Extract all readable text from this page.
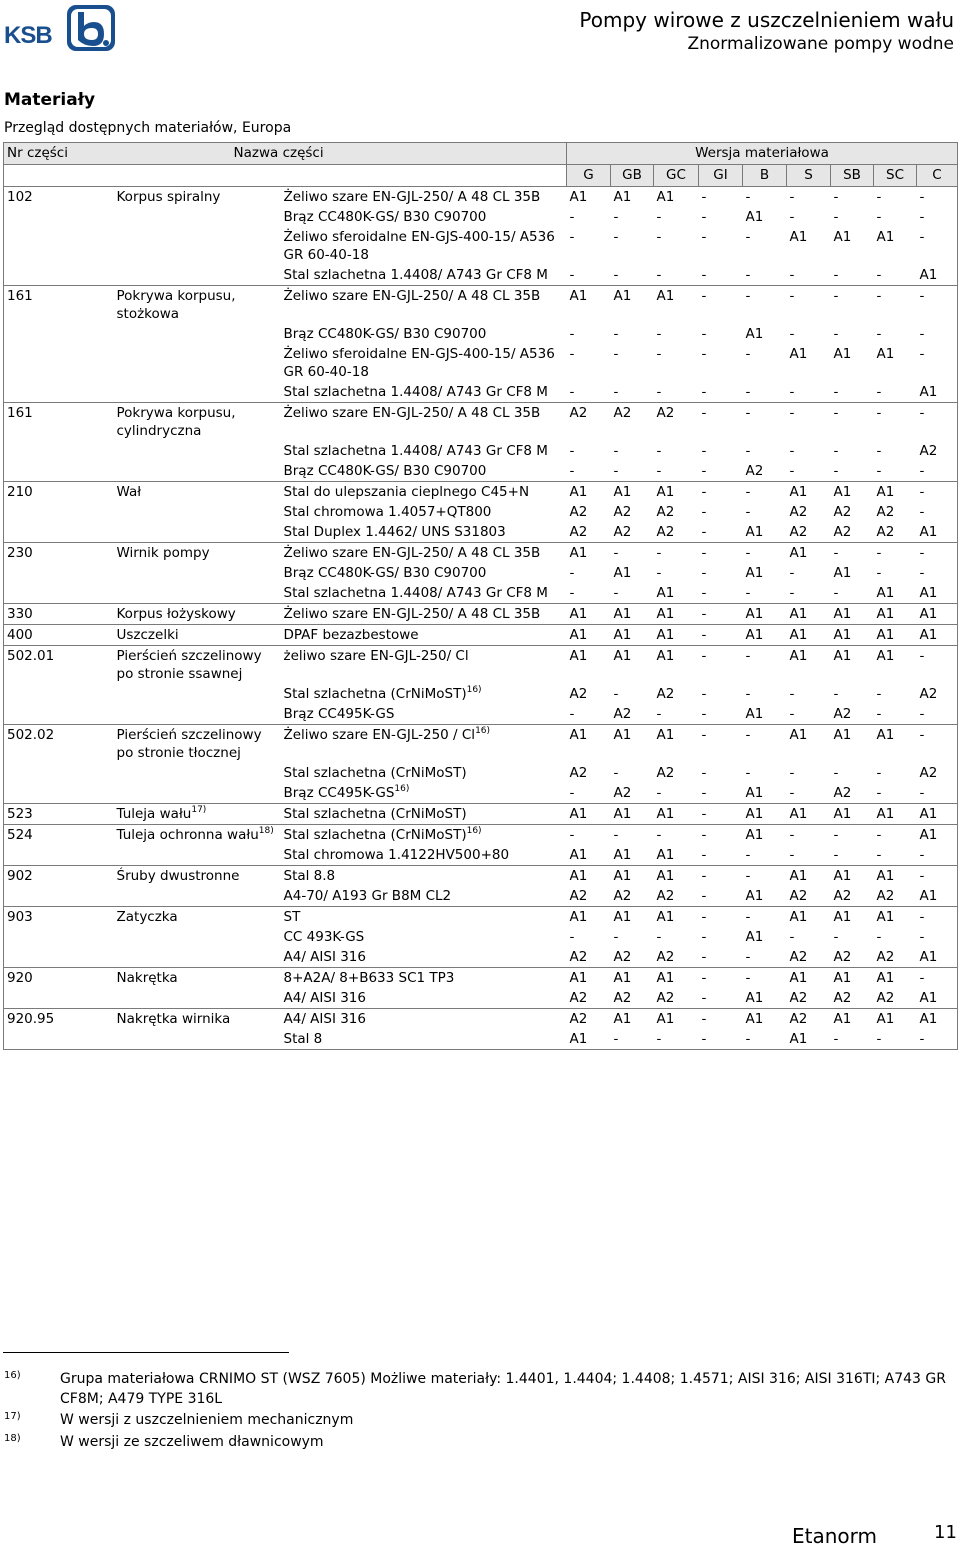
KSB
Pompy wirowe z uszczelnieniem wału
Znormalizowane pompy wodne
Materiały
Przegląd dostępnych materiałów, Europa
Nr części	Nazwa części		Wersja materiałowa								
			G	GB	GC	GI	B	S	SB	SC	C
102	Korpus spiralny	Żeliwo szare EN-GJL-250/ A 48 CL 35B	A1	A1	A1	-	-	-	-	-	-
		Brąz CC480K-GS/ B30 C90700	-	-	-	-	A1	-	-	-	-
		Żeliwo sferoidalne EN-GJS-400-15/ A536 GR 60-40-18	-	-	-	-	-	A1	A1	A1	-
		Stal szlachetna 1.4408/ A743 Gr CF8 M	-	-	-	-	-	-	-	-	A1
161	Pokrywa korpusu, stożkowa	Żeliwo szare EN-GJL-250/ A 48 CL 35B	A1	A1	A1	-	-	-	-	-	-
		Brąz CC480K-GS/ B30 C90700	-	-	-	-	A1	-	-	-	-
		Żeliwo sferoidalne EN-GJS-400-15/ A536 GR 60-40-18	-	-	-	-	-	A1	A1	A1	-
		Stal szlachetna 1.4408/ A743 Gr CF8 M	-	-	-	-	-	-	-	-	A1
161	Pokrywa korpusu, cylindryczna	Żeliwo szare EN-GJL-250/ A 48 CL 35B	A2	A2	A2	-	-	-	-	-	-
		Stal szlachetna 1.4408/ A743 Gr CF8 M	-	-	-	-	-	-	-	-	A2
		Brąz CC480K-GS/ B30 C90700	-	-	-	-	A2	-	-	-	-
210	Wał	Stal do ulepszania cieplnego C45+N	A1	A1	A1	-	-	A1	A1	A1	-
		Stal chromowa 1.4057+QT800	A2	A2	A2	-	-	A2	A2	A2	-
		Stal Duplex 1.4462/ UNS S31803	A2	A2	A2	-	A1	A2	A2	A2	A1
230	Wirnik pompy	Żeliwo szare EN-GJL-250/ A 48 CL 35B	A1	-	-	-	-	A1	-	-	-
		Brąz CC480K-GS/ B30 C90700	-	A1	-	-	A1	-	A1	-	-
		Stal szlachetna 1.4408/ A743 Gr CF8 M	-	-	A1	-	-	-	-	A1	A1
330	Korpus łożyskowy	Żeliwo szare EN-GJL-250/ A 48 CL 35B	A1	A1	A1	-	A1	A1	A1	A1	A1
400	Uszczelki	DPAF bezazbestowe	A1	A1	A1	-	A1	A1	A1	A1	A1
502.01	Pierścień szczelinowy po stronie ssawnej	żeliwo szare EN-GJL-250/ Cl	A1	A1	A1	-	-	A1	A1	A1	-
		Stal szlachetna (CrNiMoST)$^{16)}$	A2	-	A2	-	-	-	-	-	A2
		Brąz CC495K-GS	-	A2	-	-	A1	-	A2	-	-
502.02	Pierścień szczelinowy po stronie tłocznej	Żeliwo szare EN-GJL-250 / Cl$^{16)}$	A1	A1	A1	-	-	A1	A1	A1	-
		Stal szlachetna (CrNiMoST)	A2	-	A2	-	-	-	-	-	A2
		Brąz CC495K-GS$^{16)}$	-	A2	-	-	A1	-	A2	-	-
523	Tuleja wału$^{17)}$	Stal szlachetna (CrNiMoST)	A1	A1	A1	-	A1	A1	A1	A1	A1
524	Tuleja ochronna wału$^{18)}$	Stal szlachetna (CrNiMoST)$^{16)}$	-	-	-	-	A1	-	-	-	A1
		Stal chromowa 1.4122HV500+80	A1	A1	A1	-	-	-	-	-	-
902	Śruby dwustronne	Stal 8.8	A1	A1	A1	-	-	A1	A1	A1	-
		A4-70/ A193 Gr B8M CL2	A2	A2	A2	-	A1	A2	A2	A2	A1
903	Zatyczka	ST	A1	A1	A1	-	-	A1	A1	A1	-
		CC 493K-GS	-	-	-	-	A1	-	-	-	-
		A4/ AISI 316	A2	A2	A2	-	-	A2	A2	A2	A1
920	Nakrętka	8+A2A/ 8+B633 SC1 TP3	A1	A1	A1	-	-	A1	A1	A1	-
		A4/ AISI 316	A2	A2	A2	-	A1	A2	A2	A2	A1
920.95	Nakrętka wirnika	A4/ AISI 316	A2	A1	A1	-	A1	A2	A1	A1	A1
		Stal 8	A1	-	-	-	-	A1	-	-	-
16)	Grupa materiałowa CRNIMO ST (WSZ 7605) Możliwe materiały: 1.4401, 1.4404; 1.4408; 1.4571; AISI 316; AISI 316TI; A743 GR CF8M; A479 TYPE 316L
17)	W wersji z uszczelnieniem mechanicznym
18)	W wersji ze szczeliwem dławnicowym
Etanorm	11
